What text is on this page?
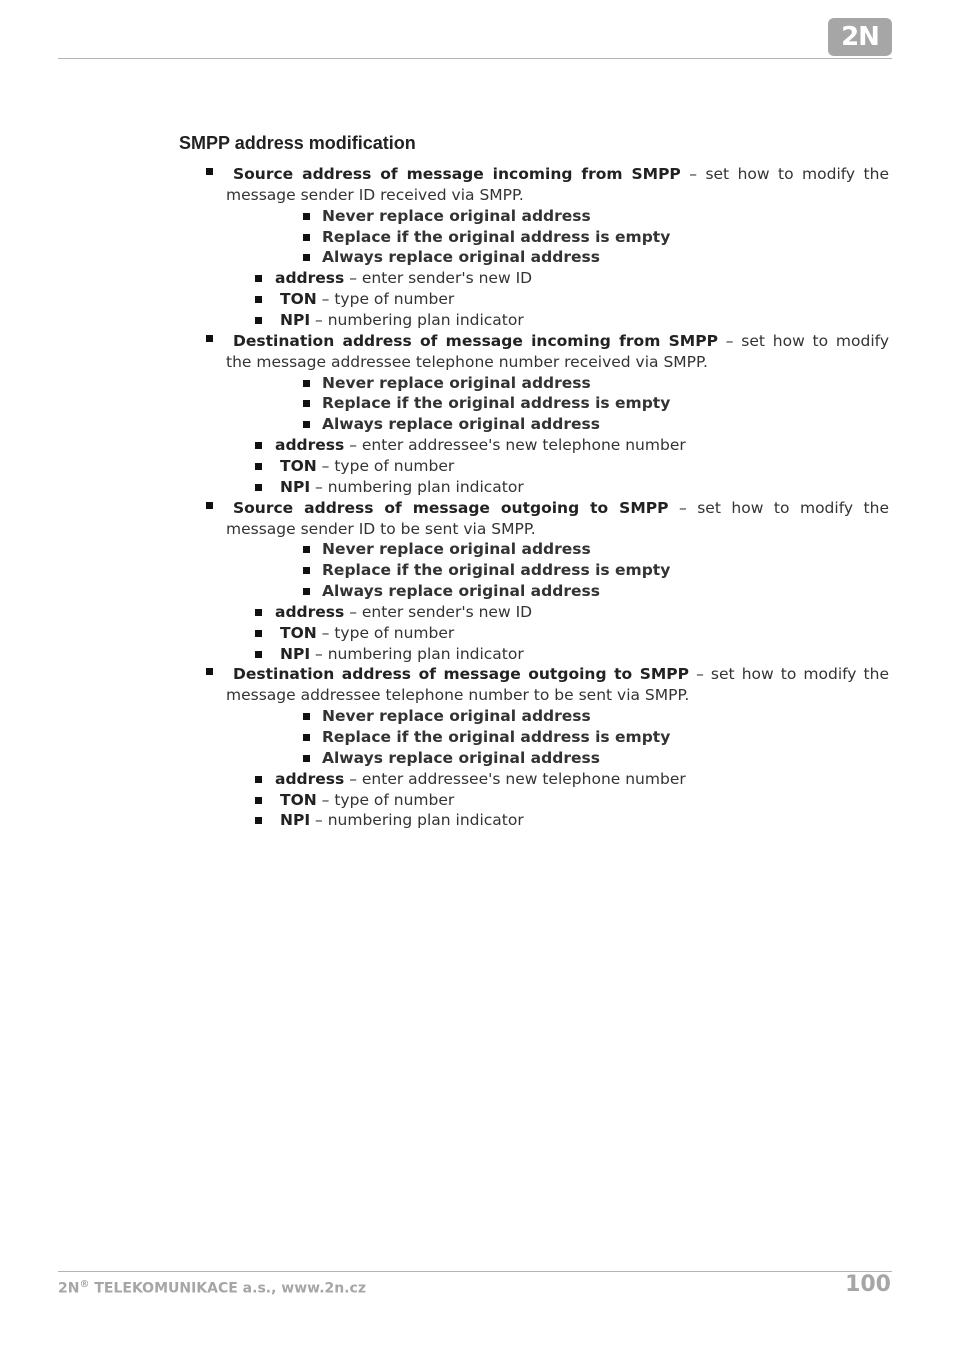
2N
SMPP address modification
Source address of message incoming from SMPP – set how to modify the
message sender ID received via SMPP.
Never replace original address
Replace if the original address is empty
Always replace original address
address – enter sender's new ID
TON – type of number
NPI – numbering plan indicator
Destination address of message incoming from SMPP – set how to modify
the message addressee telephone number received via SMPP.
Never replace original address
Replace if the original address is empty
Always replace original address
address – enter addressee's new telephone number
TON – type of number
NPI – numbering plan indicator
Source address of message outgoing to SMPP – set how to modify the
message sender ID to be sent via SMPP.
Never replace original address
Replace if the original address is empty
Always replace original address
address – enter sender's new ID
TON – type of number
NPI – numbering plan indicator
Destination address of message outgoing to SMPP – set how to modify the
message addressee telephone number to be sent via SMPP.
Never replace original address
Replace if the original address is empty
Always replace original address
address – enter addressee's new telephone number
TON – type of number
NPI – numbering plan indicator
2N® TELEKOMUNIKACE a.s., www.2n.cz	100
